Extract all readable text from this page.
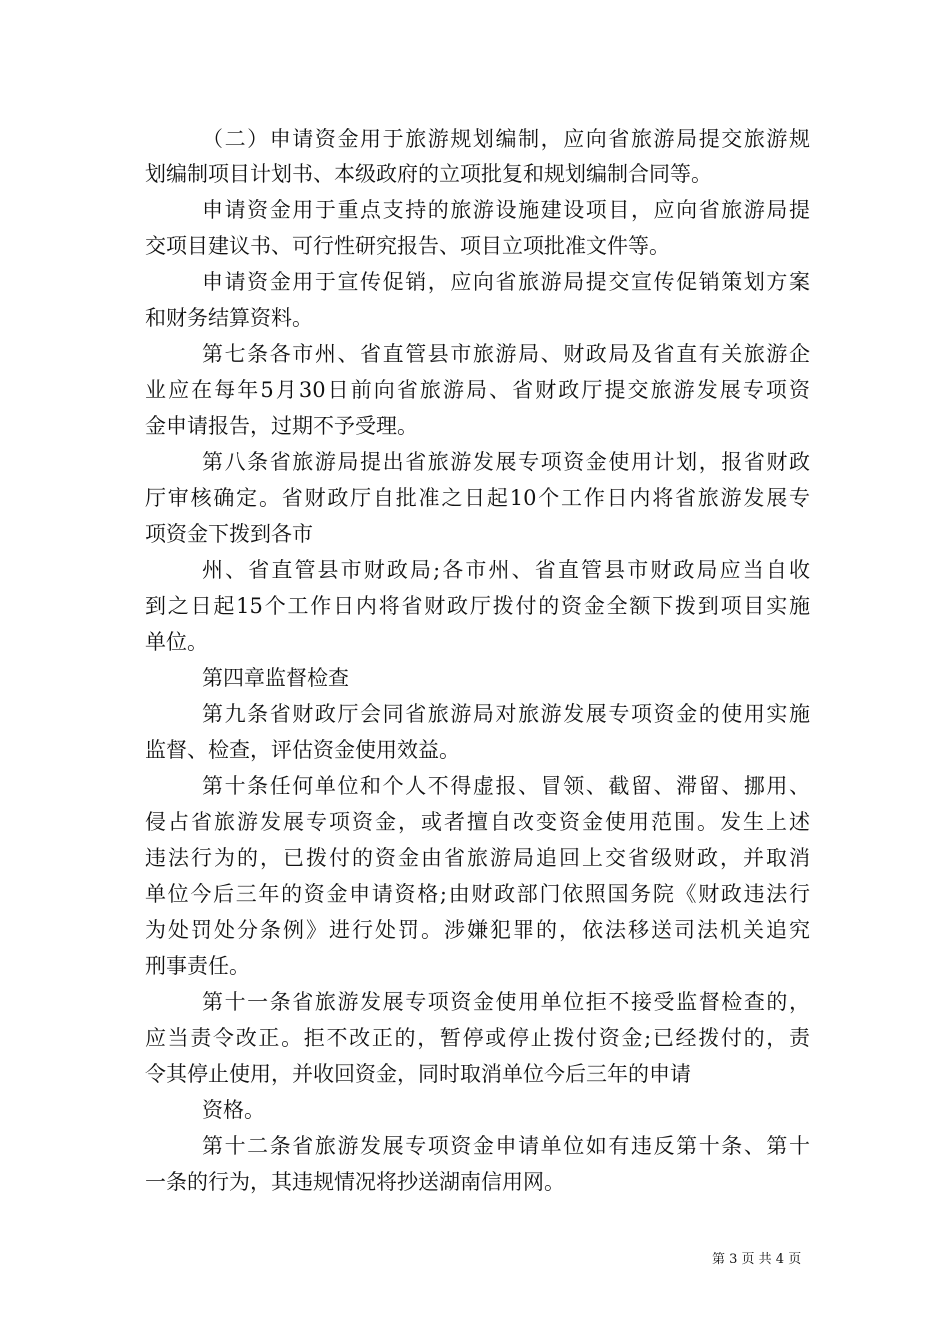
（二）申请资金用于旅游规划编制，应向省旅游局提交旅游规
划编制项目计划书、本级政府的立项批复和规划编制合同等。
申请资金用于重点支持的旅游设施建设项目，应向省旅游局提
交项目建议书、可行性研究报告、项目立项批准文件等。
申请资金用于宣传促销，应向省旅游局提交宣传促销策划方案
和财务结算资料。
第七条各市州、省直管县市旅游局、财政局及省直有关旅游企
业应在每年5月30日前向省旅游局、省财政厅提交旅游发展专项资
金申请报告，过期不予受理。
第八条省旅游局提出省旅游发展专项资金使用计划，报省财政
厅审核确定。省财政厅自批准之日起10个工作日内将省旅游发展专
项资金下拨到各市
州、省直管县市财政局;各市州、省直管县市财政局应当自收
到之日起15个工作日内将省财政厅拨付的资金全额下拨到项目实施
单位。
第四章监督检查
第九条省财政厅会同省旅游局对旅游发展专项资金的使用实施
监督、检查，评估资金使用效益。
第十条任何单位和个人不得虚报、冒领、截留、滞留、挪用、
侵占省旅游发展专项资金，或者擅自改变资金使用范围。发生上述
违法行为的，已拨付的资金由省旅游局追回上交省级财政，并取消
单位今后三年的资金申请资格;由财政部门依照国务院《财政违法行
为处罚处分条例》进行处罚。涉嫌犯罪的，依法移送司法机关追究
刑事责任。
第十一条省旅游发展专项资金使用单位拒不接受监督检查的，
应当责令改正。拒不改正的，暂停或停止拨付资金;已经拨付的，责
令其停止使用，并收回资金，同时取消单位今后三年的申请
资格。
第十二条省旅游发展专项资金申请单位如有违反第十条、第十
一条的行为，其违规情况将抄送湖南信用网。
第 3 页 共 4 页
